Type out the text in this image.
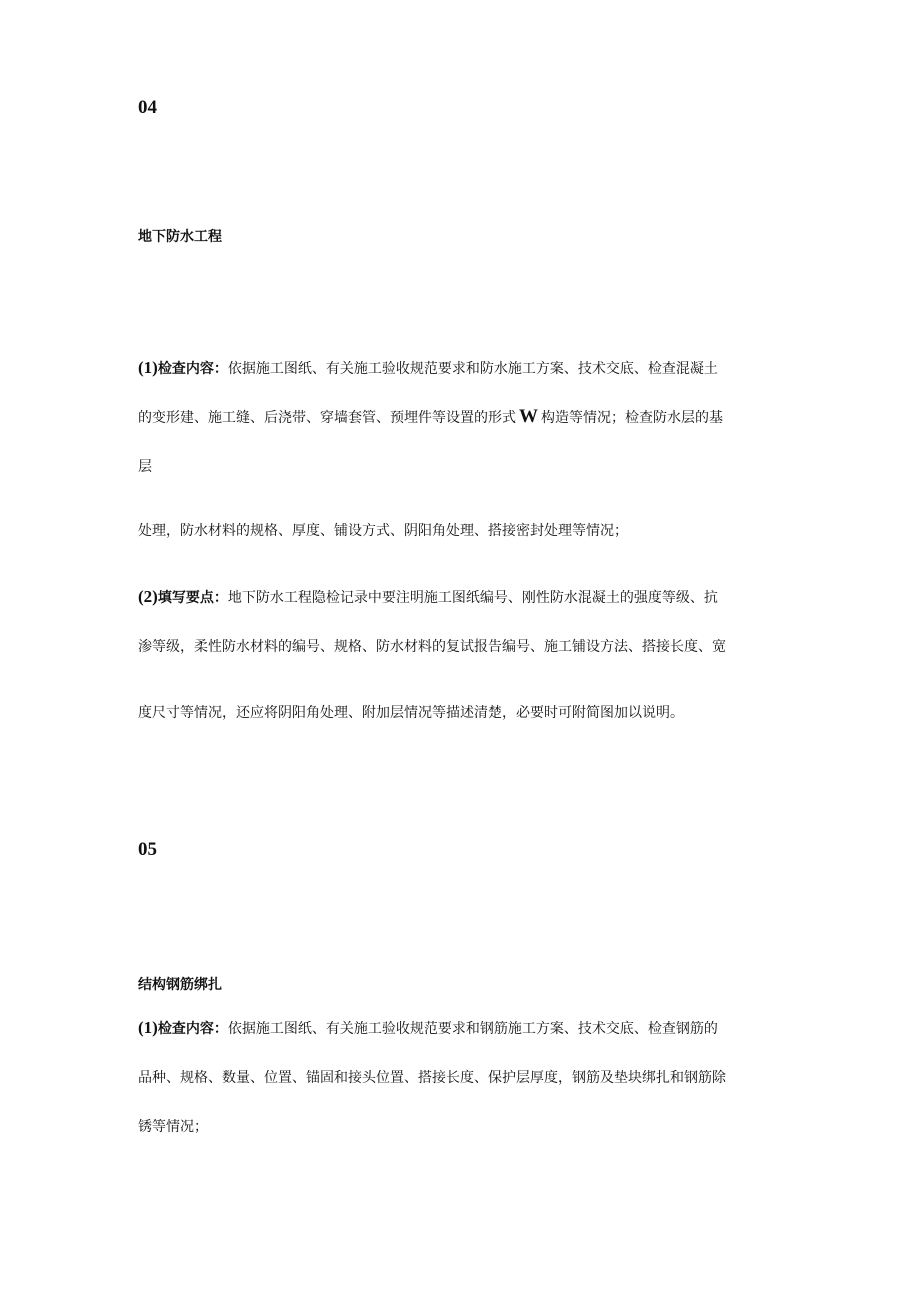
04
地下防水工程
(1)检查内容：依据施工图纸、有关施工验收规范要求和防水施工方案、技术交底、检查混凝土
的变形建、施工缝、后浇带、穿墙套管、预埋件等设置的形式 W 构造等情况；检查防水层的基
层
处理，防水材料的规格、厚度、铺设方式、阴阳角处理、搭接密封处理等情况；
(2)填写要点：地下防水工程隐检记录中要注明施工图纸编号、刚性防水混凝土的强度等级、抗
渗等级，柔性防水材料的编号、规格、防水材料的复试报告编号、施工铺设方法、搭接长度、宽
度尺寸等情况，还应将阴阳角处理、附加层情况等描述清楚，必要时可附简图加以说明。
05
结构钢筋绑扎
(1)检查内容：依据施工图纸、有关施工验收规范要求和钢筋施工方案、技术交底、检查钢筋的
品种、规格、数量、位置、锚固和接头位置、搭接长度、保护层厚度，钢筋及垫块绑扎和钢筋除
锈等情况；
